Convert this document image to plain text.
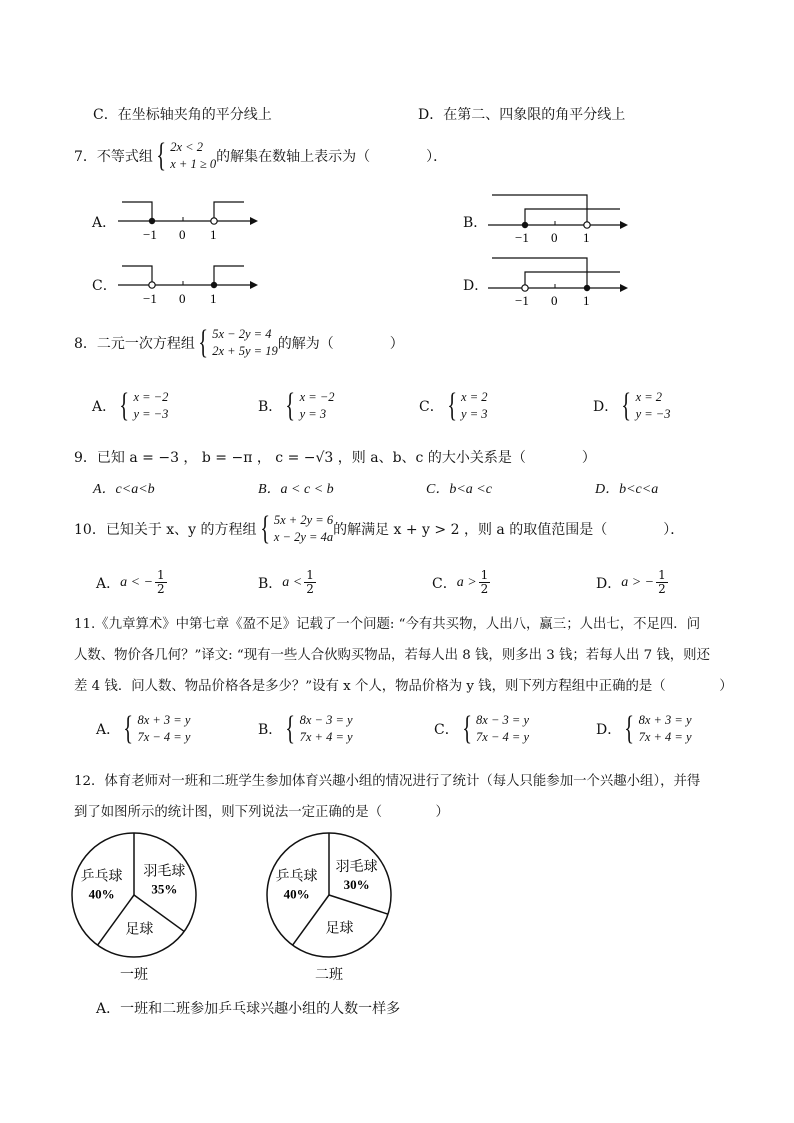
C．在坐标轴夹角的平分线上	D．在第二、四象限的角平分线上
7．不等式组 { 2x < 2
x + 1 ≥ 0 的解集在数轴上表示为（　　　　）．
A．	B．
C．	D．
−1 0 1	−1 0 1
−1 0 1	−1 0 1
8．二元一次方程组 { 5x − 2y = 4
2x + 5y = 19 的解为（　　　　）
A． { x = −2
y = −3	B． { x = −2
y = 3	C． { x = 2
y = 3	D． { x = 2
y = −3
9．已知 a = −3 ， b = −π ， c = −√3 ，则 a、b、c 的大小关系是（　　　　）
A．c<a<b	B．a < c < b	C．b<a <c	D．b<c<a
10．已知关于 x、y 的方程组 { 5x + 2y = 6
x − 2y = 4a 的解满足 x + y > 2 ，则 a 的取值范围是（　　　　）．
A． a < − $\frac{1}{2}$	B． $a < \frac{1}{2}$	C． $a > \frac{1}{2}$	D． a > − $\frac{1}{2}$
11.《九章算术》中第七章《盈不足》记载了一个问题: “今有共买物，人出八，赢三；人出七，不足四．问
人数、物价各几何？”译文: “现有一些人合伙购买物品，若每人出 8 钱，则多出 3 钱；若每人出 7 钱，则还
差 4 钱．问人数、物品价格各是多少？”设有 x 个人，物品价格为 y 钱，则下列方程组中正确的是（　　　　）
A． { 8x + 3 = y
7x − 4 = y	B． { 8x − 3 = y
7x + 4 = y	C． { 8x − 3 = y
7x − 4 = y	D． { 8x + 3 = y
7x + 4 = y
12．体育老师对一班和二班学生参加体育兴趣小组的情况进行了统计（每人只能参加一个兴趣小组），并得
到了如图所示的统计图，则下列说法一定正确的是（　　　　）
羽毛球
35%
足球
乒乓球
40%
一班
羽毛球
30%
足球
乒乓球
40%
二班
A．一班和二班参加乒乓球兴趣小组的人数一样多
